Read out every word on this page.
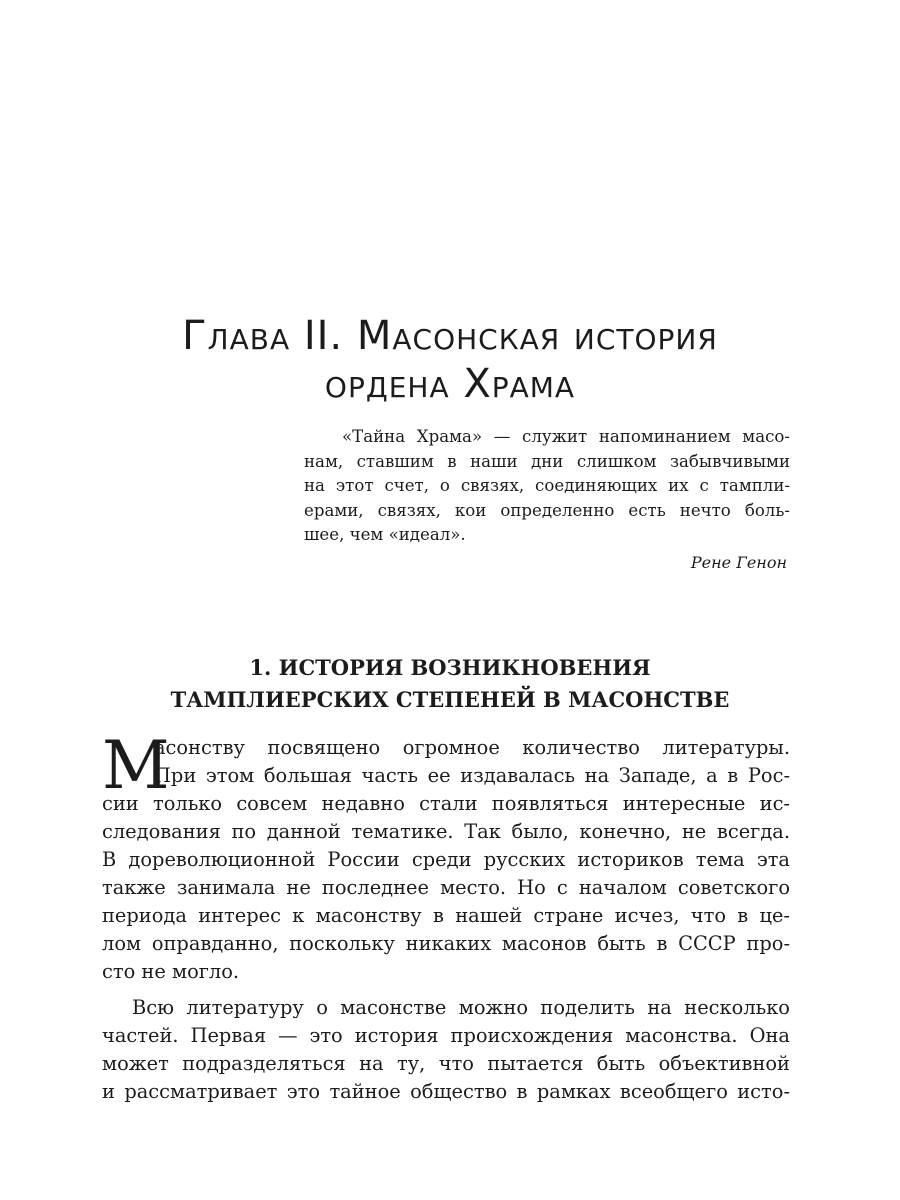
Глава II. Масонская история
ордена Храма
«Тайна Храма» — служит напоминанием масо-
нам, ставшим в наши дни слишком забывчивыми
на этот счет, о связях, соединяющих их с тампли-
ерами, связях, кои определенно есть нечто боль-
шее, чем «идеал».
Рене Генон
1. ИСТОРИЯ ВОЗНИКНОВЕНИЯ
ТАМПЛИЕРСКИХ СТЕПЕНЕЙ В МАСОНСТВЕ
М

асонству посвящено огромное количество литературы.
При этом большая часть ее издавалась на Западе, а в Рос-
сии только совсем недавно стали появляться интересные ис-
следования по данной тематике. Так было, конечно, не всегда.
В дореволюционной России среди русских историков тема эта
также занимала не последнее место. Но с началом советского
периода интерес к масонству в нашей стране исчез, что в це-
лом оправданно, поскольку никаких масонов быть в СССР про-
сто не могло.

Всю литературу о масонстве можно поделить на несколько
частей. Первая — это история происхождения масонства. Она
может подразделяться на ту, что пытается быть объективной
и рассматривает это тайное общество в рамках всеобщего исто-
